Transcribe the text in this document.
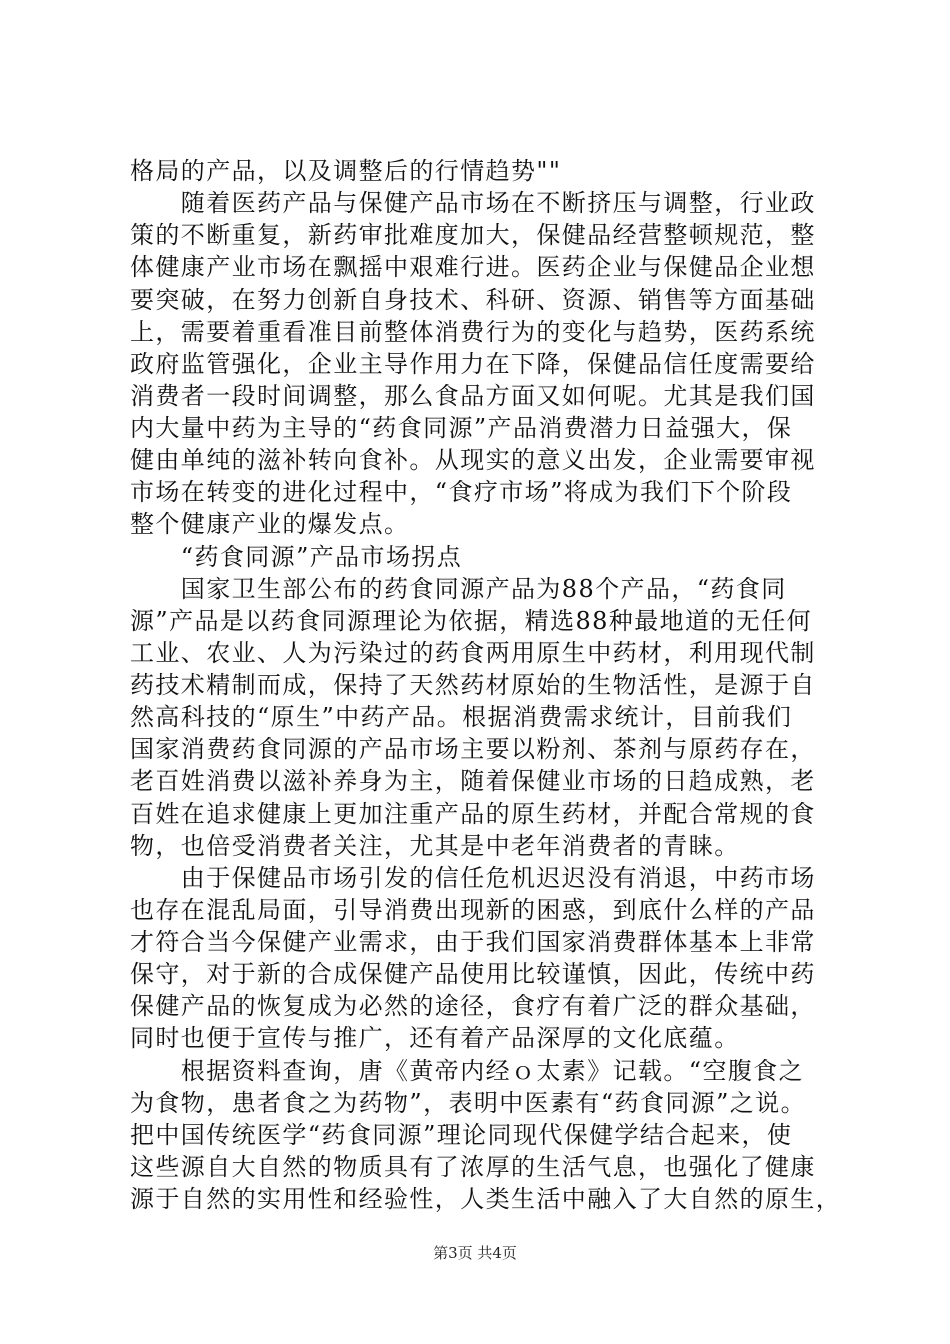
格局的产品，以及调整后的行情趋势""
　　随着医药产品与保健产品市场在不断挤压与调整，行业政
策的不断重复，新药审批难度加大，保健品经营整顿规范，整
体健康产业市场在飘摇中艰难行进。医药企业与保健品企业想
要突破，在努力创新自身技术、科研、资源、销售等方面基础
上，需要着重看准目前整体消费行为的变化与趋势，医药系统
政府监管强化，企业主导作用力在下降，保健品信任度需要给
消费者一段时间调整，那么食品方面又如何呢。尤其是我们国
内大量中药为主导的“药食同源”产品消费潜力日益强大，保
健由单纯的滋补转向食补。从现实的意义出发，企业需要审视
市场在转变的进化过程中，“食疗市场”将成为我们下个阶段
整个健康产业的爆发点。
　　“药食同源”产品市场拐点
　　国家卫生部公布的药食同源产品为88个产品，“药食同
源”产品是以药食同源理论为依据，精选88种最地道的无任何
工业、农业、人为污染过的药食两用原生中药材，利用现代制
药技术精制而成，保持了天然药材原始的生物活性，是源于自
然高科技的“原生”中药产品。根据消费需求统计，目前我们
国家消费药食同源的产品市场主要以粉剂、茶剂与原药存在，
老百姓消费以滋补养身为主，随着保健业市场的日趋成熟，老
百姓在追求健康上更加注重产品的原生药材，并配合常规的食
物，也倍受消费者关注，尤其是中老年消费者的青睐。
　　由于保健品市场引发的信任危机迟迟没有消退，中药市场
也存在混乱局面，引导消费出现新的困惑，到底什么样的产品
才符合当今保健产业需求，由于我们国家消费群体基本上非常
保守，对于新的合成保健产品使用比较谨慎，因此，传统中药
保健产品的恢复成为必然的途径，食疗有着广泛的群众基础，
同时也便于宣传与推广，还有着产品深厚的文化底蕴。
　　根据资料查询，唐《黄帝内经ｏ太素》记载。“空腹食之
为食物，患者食之为药物”，表明中医素有“药食同源”之说。
把中国传统医学“药食同源”理论同现代保健学结合起来，使
这些源自大自然的物质具有了浓厚的生活气息，也强化了健康
源于自然的实用性和经验性，人类生活中融入了大自然的原生，
第3页 共4页
